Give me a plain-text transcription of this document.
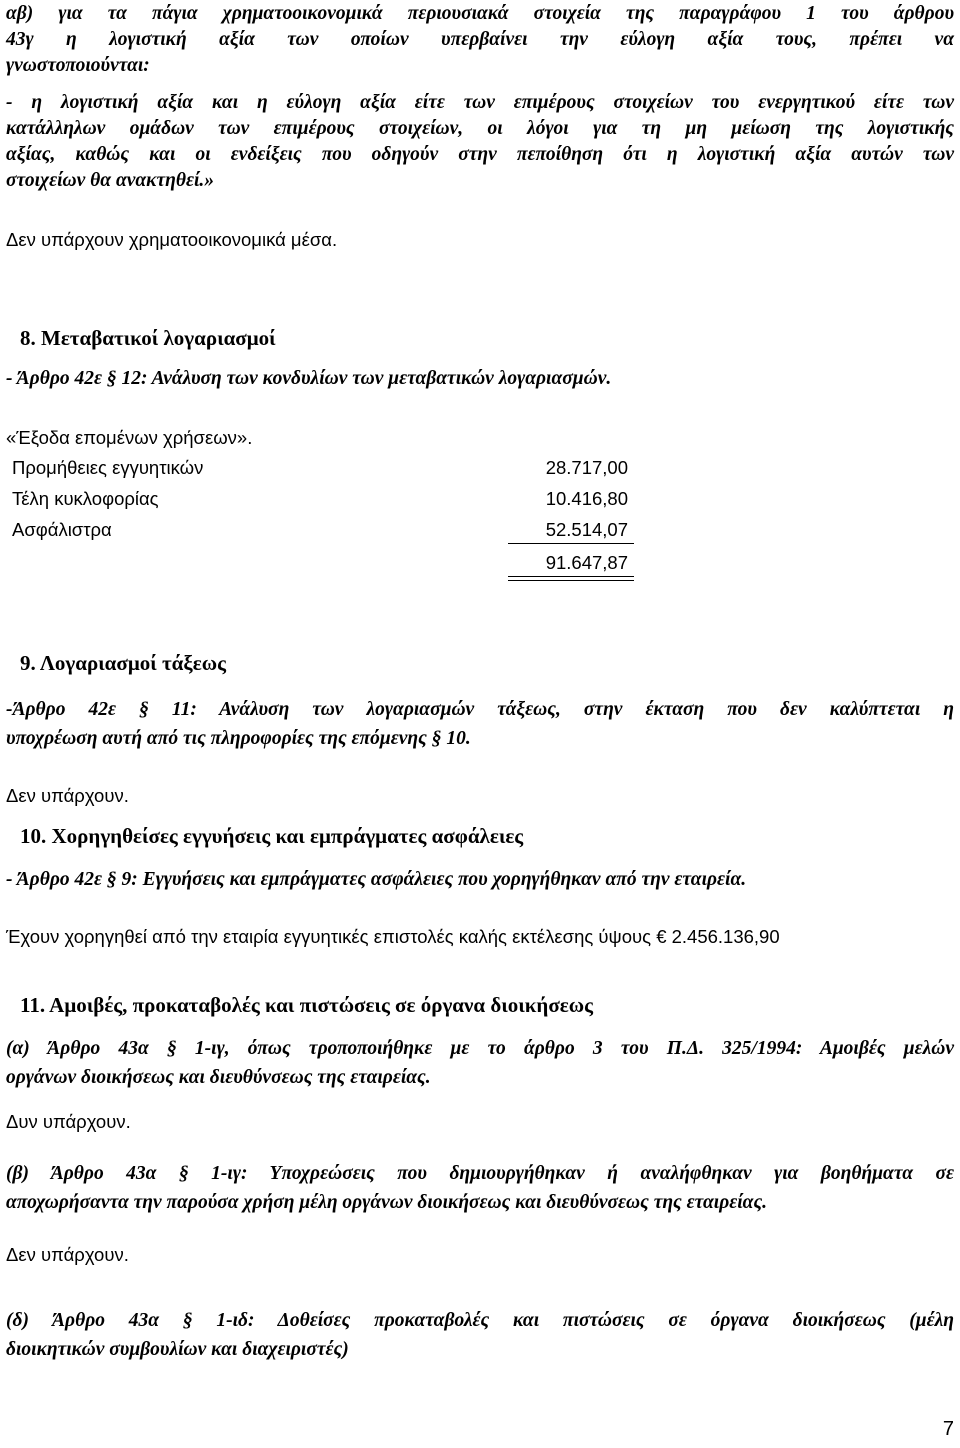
αβ) για τα πάγια χρηματοοικονομικά περιουσιακά στοιχεία της παραγράφου 1 του άρθρου
43γ η λογιστική αξία των οποίων υπερβαίνει την εύλογη αξία τους, πρέπει να
γνωστοποιούνται:
- η λογιστική αξία και η εύλογη αξία είτε των επιμέρους στοιχείων του ενεργητικού είτε των
κατάλληλων ομάδων των επιμέρους στοιχείων, οι λόγοι για τη μη μείωση της λογιστικής
αξίας, καθώς και οι ενδείξεις που οδηγούν στην πεποίθηση ότι η λογιστική αξία αυτών των
στοιχείων θα ανακτηθεί.»
Δεν υπάρχουν χρηματοοικονομικά μέσα.
8. Μεταβατικοί λογαριασμοί
- Άρθρο 42ε § 12: Ανάλυση των κονδυλίων των μεταβατικών λογαριασμών.
«Έξοδα επομένων χρήσεων».
Προμήθειες εγγυητικών	28.717,00
Τέλη κυκλοφορίας	10.416,80
Ασφάλιστρα	52.514,07
91.647,87
9. Λογαριασμοί τάξεως
-Άρθρο 42ε § 11: Ανάλυση των λογαριασμών τάξεως, στην έκταση που δεν καλύπτεται η
υποχρέωση αυτή από τις πληροφορίες της επόμενης § 10.
Δεν υπάρχουν.
10. Χορηγηθείσες εγγυήσεις και εμπράγματες ασφάλειες
- Άρθρο 42ε § 9: Εγγυήσεις και εμπράγματες ασφάλειες που χορηγήθηκαν από την εταιρεία.
Έχουν χορηγηθεί από την εταιρία εγγυητικές επιστολές καλής εκτέλεσης ύψους € 2.456.136,90
11. Αμοιβές, προκαταβολές και πιστώσεις σε όργανα διοικήσεως
(α) Άρθρο 43α § 1-ιγ, όπως τροποποιήθηκε με το άρθρο 3 του Π.Δ. 325/1994: Αμοιβές μελών
οργάνων διοικήσεως και διευθύνσεως της εταιρείας.
Δυν υπάρχουν.
(β) Άρθρο 43α § 1-ιγ: Υποχρεώσεις που δημιουργήθηκαν ή αναλήφθηκαν για βοηθήματα σε
αποχωρήσαντα την παρούσα χρήση μέλη οργάνων διοικήσεως και διευθύνσεως της εταιρείας.
Δεν υπάρχουν.
(δ) Άρθρο 43α § 1-ιδ: Δοθείσες προκαταβολές και πιστώσεις σε όργανα διοικήσεως (μέλη
διοικητικών συμβουλίων και διαχειριστές)
7
